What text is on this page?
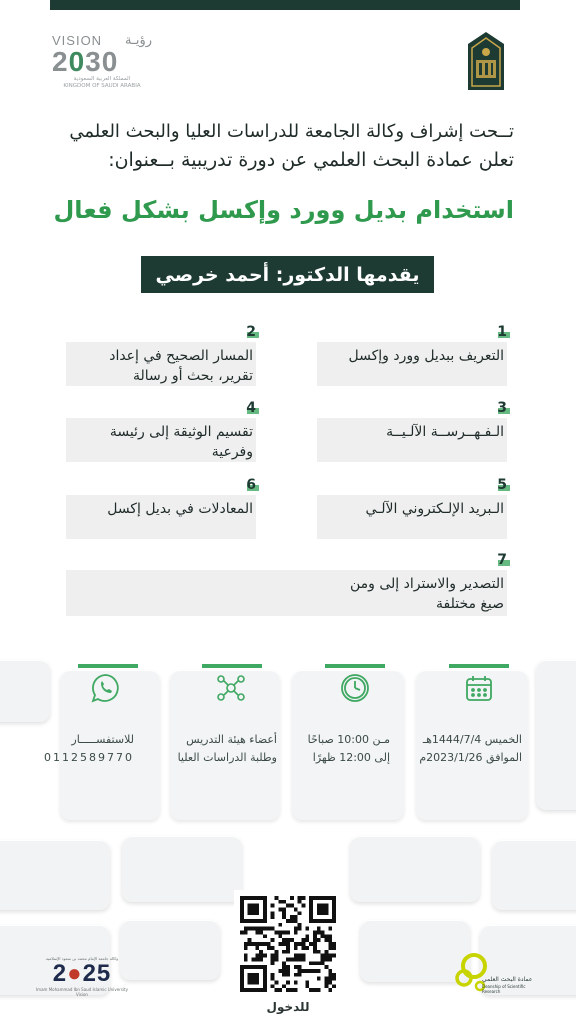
VISION رؤيـة
2030
المملكة العربية السعودية
KINGDOM OF SAUDI ARABIA
تــحت إشراف وكالة الجامعة للدراسات العليا والبحث العلمي
تعلن عمادة البحث العلمي عن دورة تدريبية بــعنوان:
استخدام بديل وورد وإكسل بشكل فعال
يقدمها الدكتور: أحمد خرصي
1
التعريف ببديل وورد وإكسل
2
المسار الصحيح في إعداد تقرير، بحث أو رسالة
3
الـفـهــرســة الآلـيــة
4
تقسيم الوثيقة إلى رئيسة وفرعية
5
الـبريد الإلـكتروني الآلـي
6
المعادلات في بديل إكسل
7
التصدير والاستراد إلى ومن صيغ مختلفة
الخميس 1444/7/4هـ
الموافق 2023/1/26م
مـن 10:00 صباحًا
إلى 12:00 ظهرًا
أعضاء هيئة التدريس
وطلبة الدراسات العليا
للاستفســـــار
0112589770
للدخول
وكالة جامعة الإمام محمد بن سعود الإسلامية
2●25
Imam Mohammad Ibn Saud Islamic University Vision
عمادة البحث العلمي
Deanship of Scientific Research
